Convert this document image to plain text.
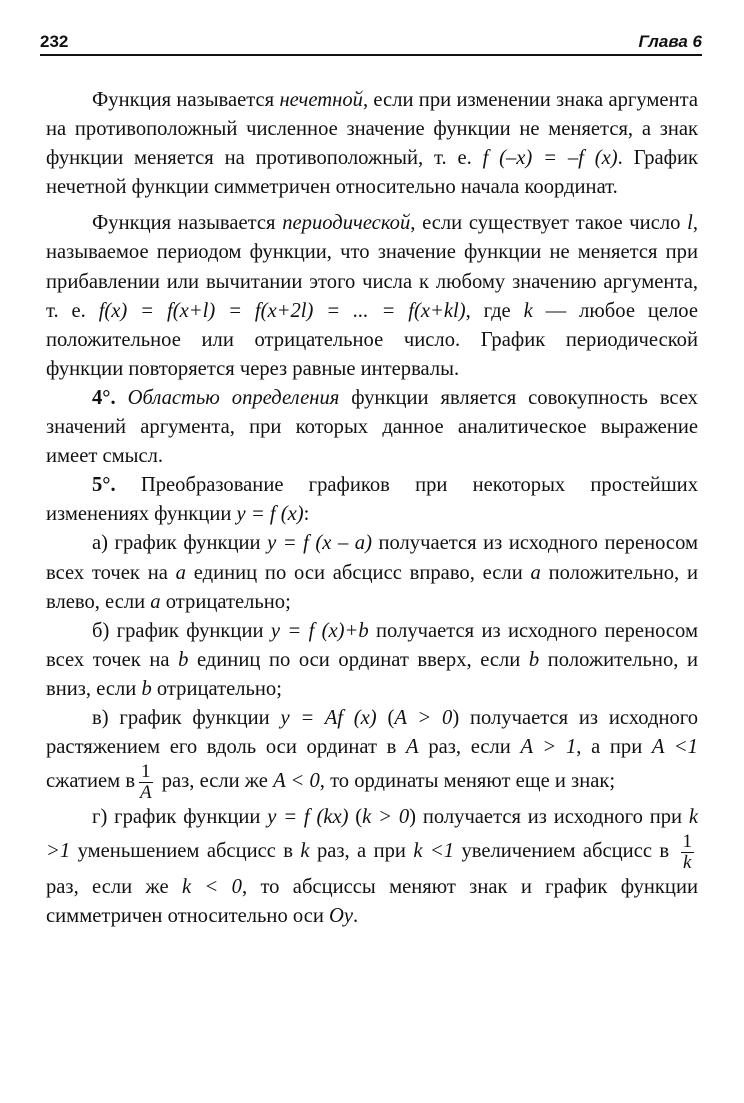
232	Глава 6

Функция называется нечетной, если при изменении знака аргумента на противоположный численное значение функции не меняется, а знак функции меняется на противоположный, т. е. f (–x) = –f (x). График нечетной функции симметричен относительно начала координат.

Функция называется периодической, если существует такое число l, называемое периодом функции, что значение функции не меняется при прибавлении или вычитании этого числа к любому значению аргумента, т. е. f(x) = f(x+l) = f(x+2l) = ... = f(x+kl), где k — любое целое положительное или отрицательное число. График периодической функции повторяется через равные интервалы.

4°. Областью определения функции является совокупность всех значений аргумента, при которых данное аналитическое выражение имеет смысл.

5°. Преобразование графиков при некоторых простейших изменениях функции y = f (x):

а) график функции y = f (x – a) получается из исходного переносом всех точек на a единиц по оси абсцисс вправо, если a положительно, и влево, если a отрицательно;

б) график функции y = f (x)+b получается из исходного переносом всех точек на b единиц по оси ординат вверх, если b положительно, и вниз, если b отрицательно;

в) график функции y = Af (x) (A > 0) получается из исходного растяжением его вдоль оси ординат в A раз, если A > 1, а при A <1 сжатием в $\frac{1}{A}$ раз, если же A < 0, то ординаты меняют еще и знак;

г) график функции y = f (kx) (k > 0) получается из исходного при k >1 уменьшением абсцисс в k раз, а при k <1 увеличением абсцисс в $\frac{1}{k}$
раз, если же k < 0, то абсциссы меняют знак и график функции симметричен относительно оси Oy.
